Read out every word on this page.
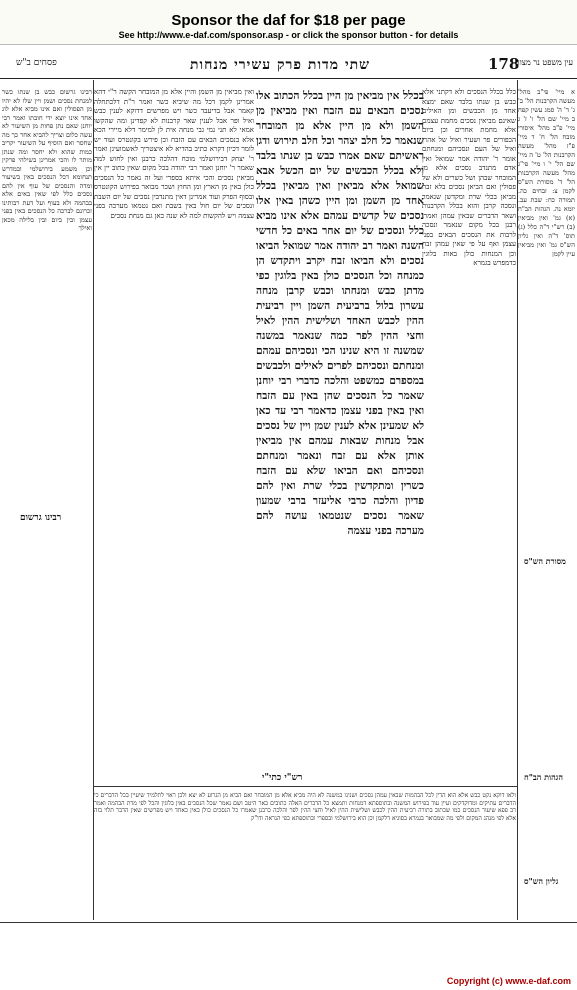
Sponsor the daf for $18 per page
See http://www.e-daf.com/sponsor.asp - or click the sponsor button - for details
178
שתי מדות פרק עשירי מנחות
פסחים ב"ש	עין משפט נר מצוה
כלל בכלל הנסכים ולא דקתני אלא כבש בן שנתו בלבד שאם ימצא אחד מן הכבשים ומן האילים שאינם מביאין נסכים מחמת עצמם אלא מחמת אחרים וכן ביום הכפורים פר ושעיר ואיל של אהרן ואיל של העם ונסכיהם ומנחתם אומר ר' יהודה אמר שמואל ואין אדם מתנדב נסכים אלא מן המובחר שבהן ושל כשרים ולא של פסולין ואם הביאן נסכים בלא זבח מביאן בכלי שרת ומקדשן שנאמר ונסכה קרבן והוא בכלל הקרבנות ושאר הדברים שבאין עמהן ואמרו רבנן בכל מקום שנאמר ונסכה לרבות את הנסכים הבאים בפני עצמן ואף על פי שאין עמהן זבח וכן המנחות כולן באות בלוגין כדמפרש בגמרא
בכלל אין מביאין מן היין בכלל הכתוב אלו נסכים הבאים עם הזבח ואין מביאין מן השמן ולא מן היין אלא מן המובחר שנאמר כל חלב יצהר וכל חלב תירוש ודגן ראשיתם שאם אמרו כבש בן שנתו בלבד ולא בכלל הכבשים של יום הכשל אבא שמואל אלא מביאין ואין מביאין בכלל אחד מן השמן ומן היין כשהן באין אלו נסכים של קדשים עמהם אלא אינו מביא כלל ונסכים של יום אחר באים כל חדשי השנה ואמר רב יהודה אמר שמואל הביאו נסכים ולא הביאו זבח יקרב ויתקדש הן כמנחה וכל הנסכים כולן באין בלוגין כפי מדתן כבש ומנחתו וכבש קרבן מנחה עשרון בלול ברביעית השמן ויין רביעית ההין לכבש האחד ושלישית ההין לאיל וחצי ההין לפר כמה שנאמר במשנה שמשנה זו היא שנינו הכי ונסכיהם עמהם ומנחתם ונסכיהם לפרים לאילים ולכבשים במספרם כמשפט והלכה כדברי רבי יוחנן שאמר כל הנסכים שהן באין עם הזבח ואין באין בפני עצמן כדאמר רבי עד כאן לא שמעינן אלא לענין שמן ויין של נסכים אבל מנחות שבאות עמהם אין מביאין אותן אלא עם זבח ונאמר ומנחתם ונסכיהם ואם הביאו שלא עם הזבח כשרין ומתקדשין בכלי שרת ואין להם פדיון והלכה כרבי אליעזר ברבי שמעון שאמר נסכים שנטמאו עושה להם מערכה בפני עצמה
ואין מביאין מן השמן והיין אלא מן המובחר הקשה ר"י דהא אמרינן לקמן דכל מה שיביא כשר ואמר ר"ת דלכתחלה קאמר אבל בדיעבד כשר ויש מפרשים דדוקא לענין כבש ואיל ופר אבל לענין שאר קרבנות לא קפדינן ומה שהקשו אמאי לא תני נמי גבי מנחה אית לן למימר דלא מיירי הכא אלא בנסכים הבאים עם הזבח וכן פירש בקונטרס ועוד יש לומר דכיון דקרא כתיב בהדיא לא איצטריך לאשמועינן ואמר ר' יצחק דבירושלמי מוכח דהלכה כרבנן ואין לחוש למה שאמר ר' יוחנן ואמר רבי יהודה בכל מקום שאין כתוב יין אין מביאין נסכים והכי איתא בספרי ועל זה נאמר כל הנסכים כולן באין מן הארץ ומן החוץ ושכר מבואר בפירוש הקונטרס ובסוף הפרק ועוד אמרינן דאין מתנדבין נסכים של יום השבת ונסכים של יום חול באין בשבת ואם נטמאו מערכה בפני עצמה ויש להקשות למה לא שנה כאן גם מנחת נסכים
רבינו גרשום כבש בן שנתו כשר למנחת נסכים ושמן ויין שלו לא יהיו מן הפסולין ואם אינו מביא אלא לוג אחד אינו יוצא ידי חובתו ואמר רבי יוחנן שאם נתן פחות מן השיעור לא עשה כלום וצריך להביא אחר כך מה שחסר ואם הוסיף על השיעור יקריב כמות שהוא ולא יחסר ומה שנתן מותר לו והכי אמרינן בשילהי פרקין וכן משמע בירושלמי ובמדרש תנחומא דכל הנסכים באין בשיעור ומדה והנסכים של עוף אין להם נסכים כלל לפי שאין באים אלא בבהמה ולא בעוף ועל דעת רבותינו זכרונם לברכה כל הנסכים באין בפני עצמן ובין ביום ובין בלילה מכאן ואילך
א מיי' פי"ב מהל' מעשה הקרבנות הל' ב' ג' ד' ה' סמג עשין קפח ב מיי' שם הל' ו' ז' ג מיי' פ"ב מהל' איסורי מזבח הל' ח' ד מיי' פ"ז מהל' מעשה הקרבנות הל' ט' ה מיי' שם הל' י' ו מיי' פי"ג מהל' מעשה הקרבנות הל' ד' מסורת הש"ס לקמן צ: זבחים כה. תמורה כח: שבת עב. יומא נה. הגהות הב"ח (א) גמ' ואין מביאין (ב) רש"י ד"ה כלל (ג) תוס' ד"ה ואין גליון הש"ס גמ' ואין מביאין עיין לקמן
ולאו דוקא נקט כבש אלא הוא הדין לכל הבהמות שבאין עמהן נסכים ושנינו במשנה לא היה מביא אלא מן המובחר ואם הביא מן הגרוע לא יצא ולכן ראוי לתלמיד שיעיין בכל הדברים כי הדברים עתיקים ומדוקדקים ועיין עוד בפירוש המשנה ובתוספתא דמנחות ותמצא כל הדברים האלה כתובים באר היטב ושם נאמר שכל הנסכים באין בלוגין והכל לפי מדת הבהמה ואמר רב פפא שיעור הנסכים כמו שכתוב בתורה רביעית ההין לכבש ושלישית ההין לאיל וחצי ההין לפר והלכה כרבנן שאמרו כל הנסכים כולן באין כאחד ויש מפרשים שאין הדבר תלוי בזה אלא לפי מנהג המקום ולפי מה שמבואר בגמרא בסוגיא דלקמן וכן הוא בירושלמי ובספרי ובתוספתא כפי הנראה ודו"ק
רבינו גרשום
רש"י כתי"י
מסורת הש"ס
הגהות הב"ח
גליון הש"ס
Copyright (c) www.e-daf.com
